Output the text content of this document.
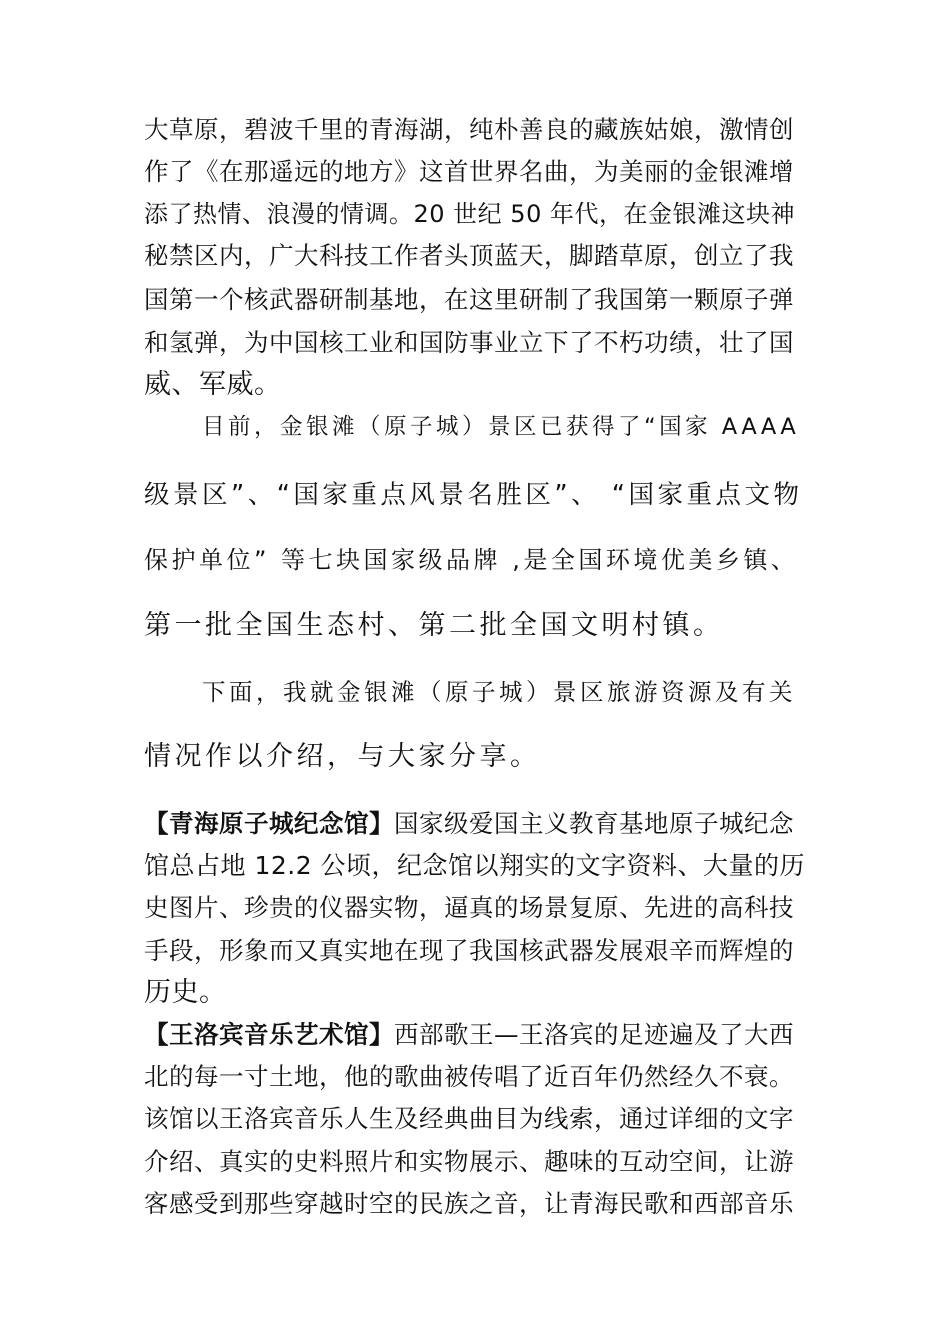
大草原，碧波千里的青海湖，纯朴善良的藏族姑娘，激情创
作了《在那遥远的地方》这首世界名曲，为美丽的金银滩增
添了热情、浪漫的情调。20 世纪 50 年代，在金银滩这块神
秘禁区内，广大科技工作者头顶蓝天，脚踏草原，创立了我
国第一个核武器研制基地，在这里研制了我国第一颗原子弹
和氢弹，为中国核工业和国防事业立下了不朽功绩，壮了国
威、军威。
目前，金银滩（原子城）景区已获得了“国家 AAAA
级景区”、“国家重点风景名胜区”、 “国家重点文物
保护单位” 等七块国家级品牌 ,是全国环境优美乡镇、
第一批全国生态村、第二批全国文明村镇。
下面，我就金银滩（原子城）景区旅游资源及有关
情况作以介绍，与大家分享。
【青海原子城纪念馆】国家级爱国主义教育基地原子城纪念
馆总占地 12.2 公顷，纪念馆以翔实的文字资料、大量的历
史图片、珍贵的仪器实物，逼真的场景复原、先进的高科技
手段，形象而又真实地在现了我国核武器发展艰辛而辉煌的
历史。
【王洛宾音乐艺术馆】西部歌王—王洛宾的足迹遍及了大西
北的每一寸土地，他的歌曲被传唱了近百年仍然经久不衰。
该馆以王洛宾音乐人生及经典曲目为线索，通过详细的文字
介绍、真实的史料照片和实物展示、趣味的互动空间，让游
客感受到那些穿越时空的民族之音，让青海民歌和西部音乐
